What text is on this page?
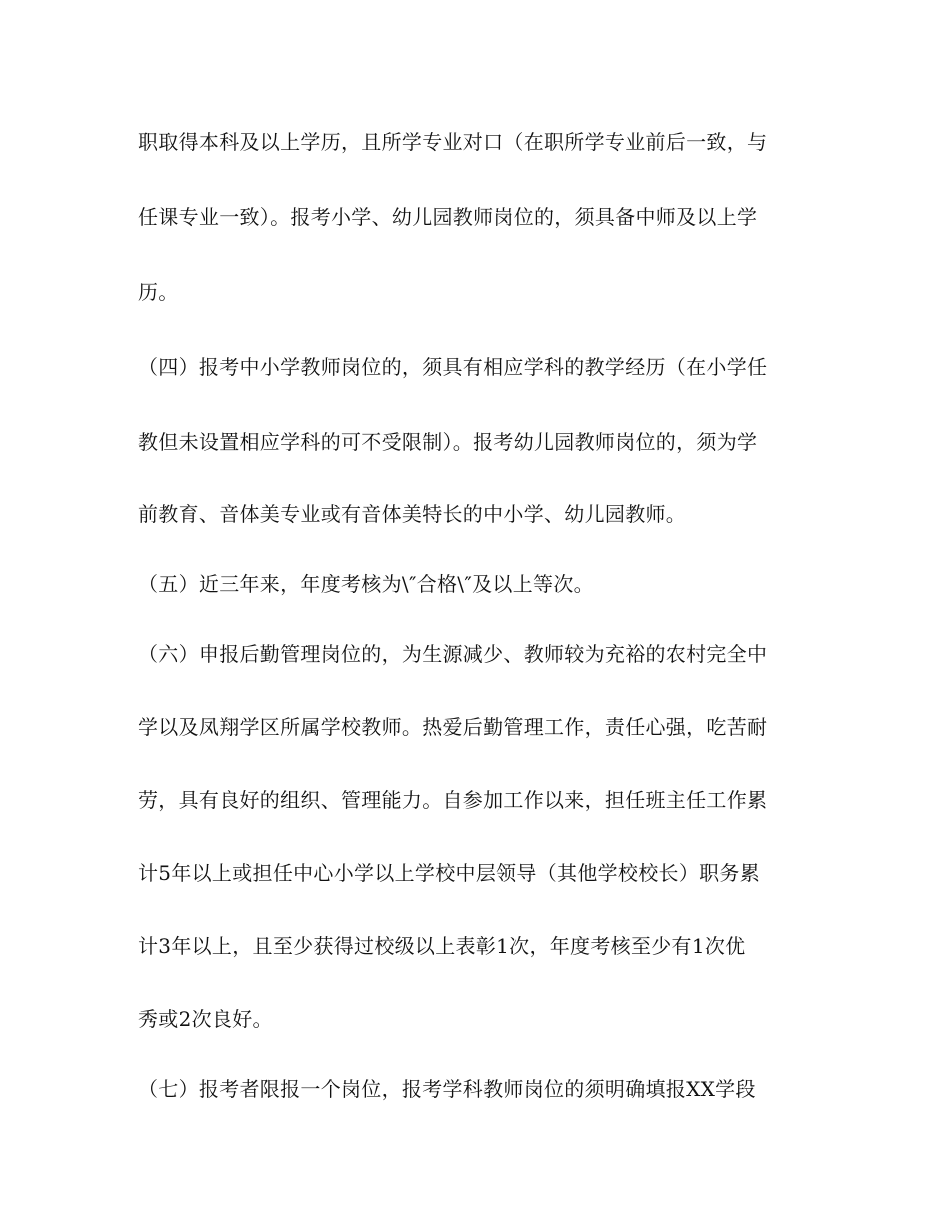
职取得本科及以上学历，且所学专业对口（在职所学专业前后一致，与
任课专业一致）。报考小学、幼儿园教师岗位的，须具备中师及以上学
历。
（四）报考中小学教师岗位的，须具有相应学科的教学经历（在小学任
教但未设置相应学科的可不受限制）。报考幼儿园教师岗位的，须为学
前教育、音体美专业或有音体美特长的中小学、幼儿园教师。
（五）近三年来，年度考核为\″合格\″及以上等次。
（六）申报后勤管理岗位的，为生源减少、教师较为充裕的农村完全中
学以及凤翔学区所属学校教师。热爱后勤管理工作，责任心强，吃苦耐
劳，具有良好的组织、管理能力。自参加工作以来，担任班主任工作累
计5年以上或担任中心小学以上学校中层领导（其他学校校长）职务累
计3年以上，且至少获得过校级以上表彰1次，年度考核至少有1次优
秀或2次良好。
（七）报考者限报一个岗位，报考学科教师岗位的须明确填报XX学段
